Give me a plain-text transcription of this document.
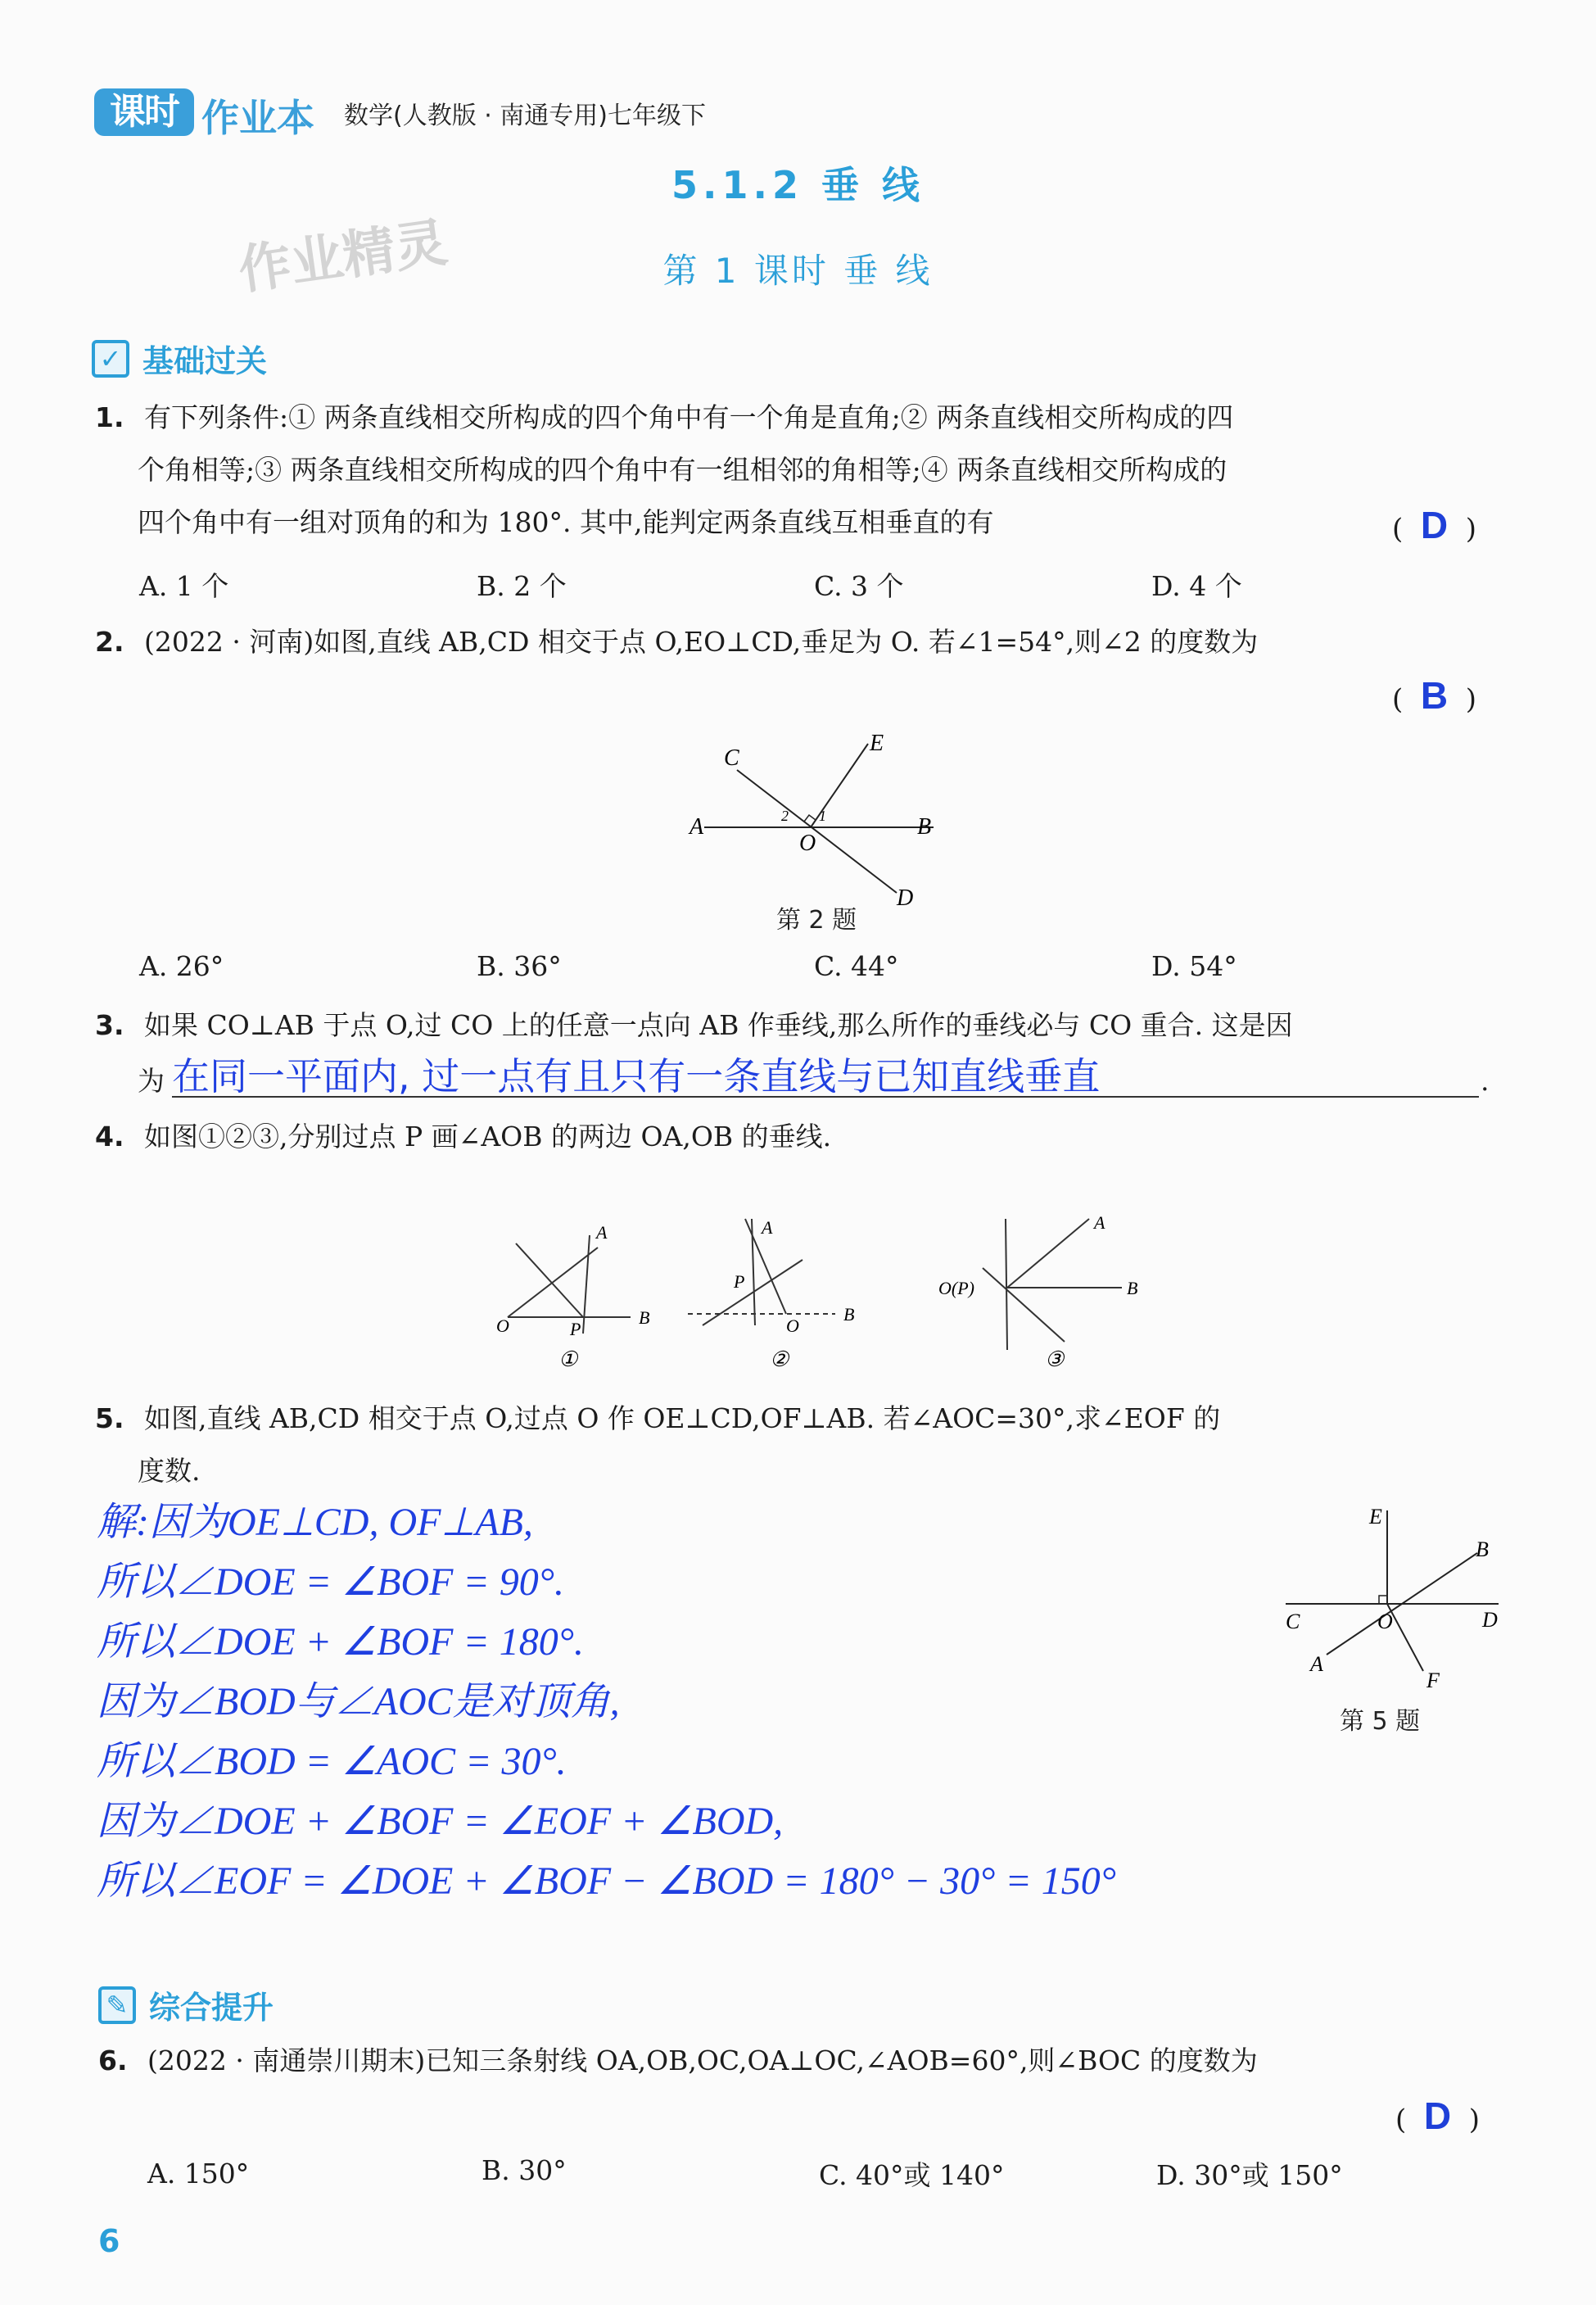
课时 作业本 数学(人教版 · 南通专用)七年级下
5.1.2 垂 线
第 1 课时 垂 线
作业精灵
✓ 基础过关
1. 有下列条件:① 两条直线相交所构成的四个角中有一个角是直角;② 两条直线相交所构成的四
个角相等;③ 两条直线相交所构成的四个角中有一组相邻的角相等;④ 两条直线相交所构成的
四个角中有一组对顶角的和为 180°. 其中,能判定两条直线互相垂直的有	(  D  )
A. 1 个	B. 2 个	C. 3 个	D. 4 个
2. (2022 · 河南)如图,直线 AB,CD 相交于点 O,EO⊥CD,垂足为 O. 若∠1=54°,则∠2 的度数为
(  B  )
C
E
A	B
O
D
1
2
第 2 题
A. 26°	B. 36°	C. 44°	D. 54°
3. 如果 CO⊥AB 于点 O,过 CO 上的任意一点向 AB 作垂线,那么所作的垂线必与 CO 重合. 这是因
为 在同一平面内, 过一点有且只有一条直线与已知直线垂直	.
4. 如图①②③,分别过点 P 画∠AOB 的两边 OA,OB 的垂线.
A
B
O	P
①
A
B
O
P
②
A
B
O(P)
③
5. 如图,直线 AB,CD 相交于点 O,过点 O 作 OE⊥CD,OF⊥AB. 若∠AOC=30°,求∠EOF 的
度数.
解:因为OE⊥CD, OF⊥AB,
所以∠DOE = ∠BOF = 90°.
所以∠DOE + ∠BOF = 180°.
因为∠BOD与∠AOC是对顶角,
所以∠BOD = ∠AOC = 30°.
因为∠DOE + ∠BOF = ∠EOF + ∠BOD,
所以∠EOF = ∠DOE + ∠BOF − ∠BOD = 180° − 30° = 150°
E
B
C	O	D
A
F
第 5 题
✎ 综合提升
6. (2022 · 南通崇川期末)已知三条射线 OA,OB,OC,OA⊥OC,∠AOB=60°,则∠BOC 的度数为
(  D  )
A. 150°	B. 30°	C. 40°或 140°	D. 30°或 150°
6
